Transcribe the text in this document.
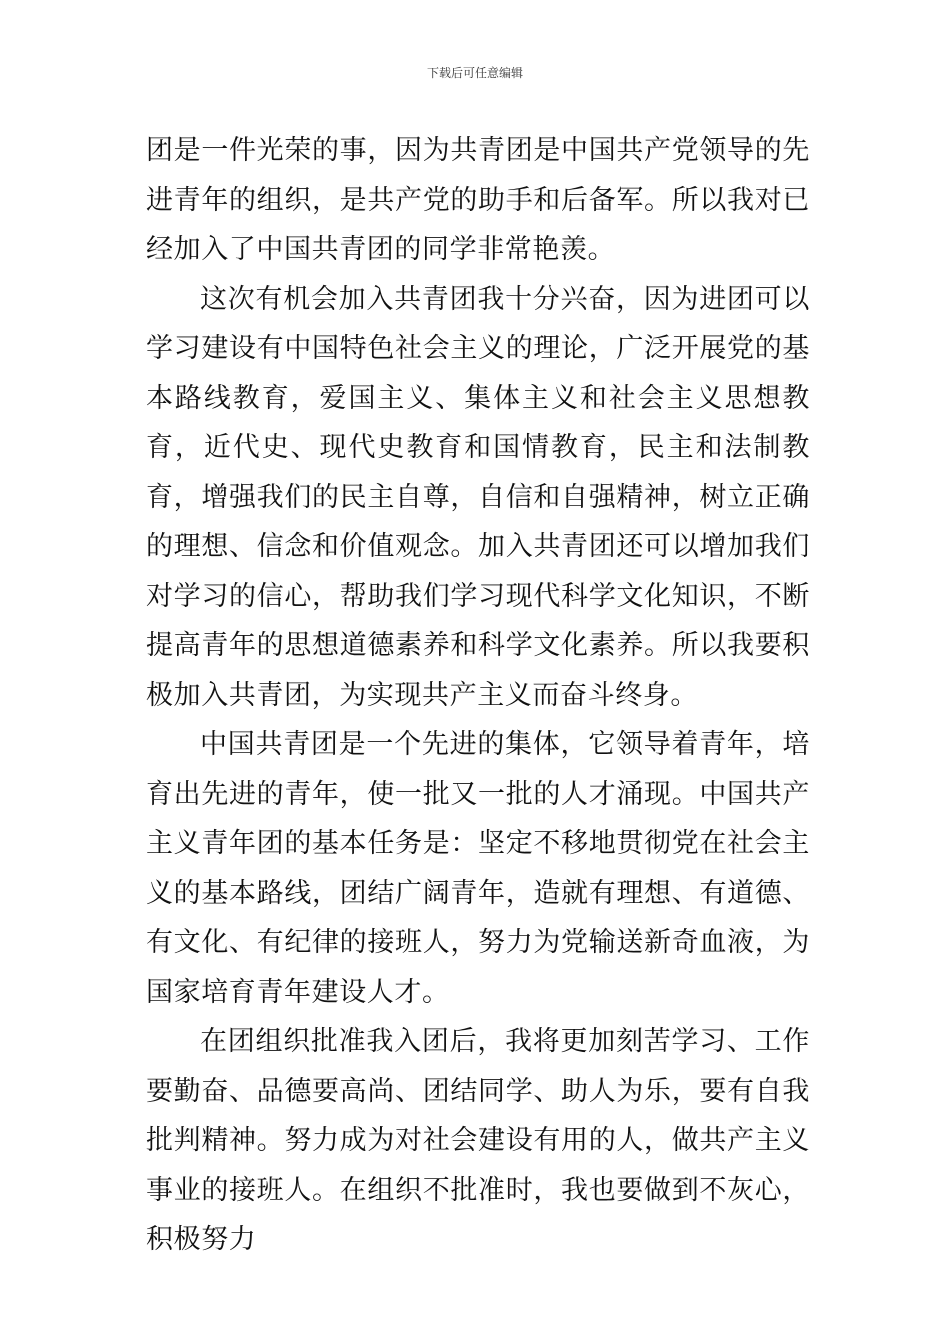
下载后可任意编辑

团是一件光荣的事，因为共青团是中国共产党领导的先进青年的组织，是共产党的助手和后备军。所以我对已经加入了中国共青团的同学非常艳羡。

这次有机会加入共青团我十分兴奋，因为进团可以学习建设有中国特色社会主义的理论，广泛开展党的基本路线教育，爱国主义、集体主义和社会主义思想教育，近代史、现代史教育和国情教育，民主和法制教育，增强我们的民主自尊，自信和自强精神，树立正确的理想、信念和价值观念。加入共青团还可以增加我们对学习的信心，帮助我们学习现代科学文化知识，不断提高青年的思想道德素养和科学文化素养。所以我要积极加入共青团，为实现共产主义而奋斗终身。

中国共青团是一个先进的集体，它领导着青年，培育出先进的青年，使一批又一批的人才涌现。中国共产主义青年团的基本任务是：坚定不移地贯彻党在社会主义的基本路线，团结广阔青年，造就有理想、有道德、有文化、有纪律的接班人，努力为党输送新奇血液，为国家培育青年建设人才。

在团组织批准我入团后，我将更加刻苦学习、工作要勤奋、品德要高尚、团结同学、助人为乐，要有自我批判精神。努力成为对社会建设有用的人，做共产主义事业的接班人。在组织不批准时，我也要做到不灰心，积极努力
